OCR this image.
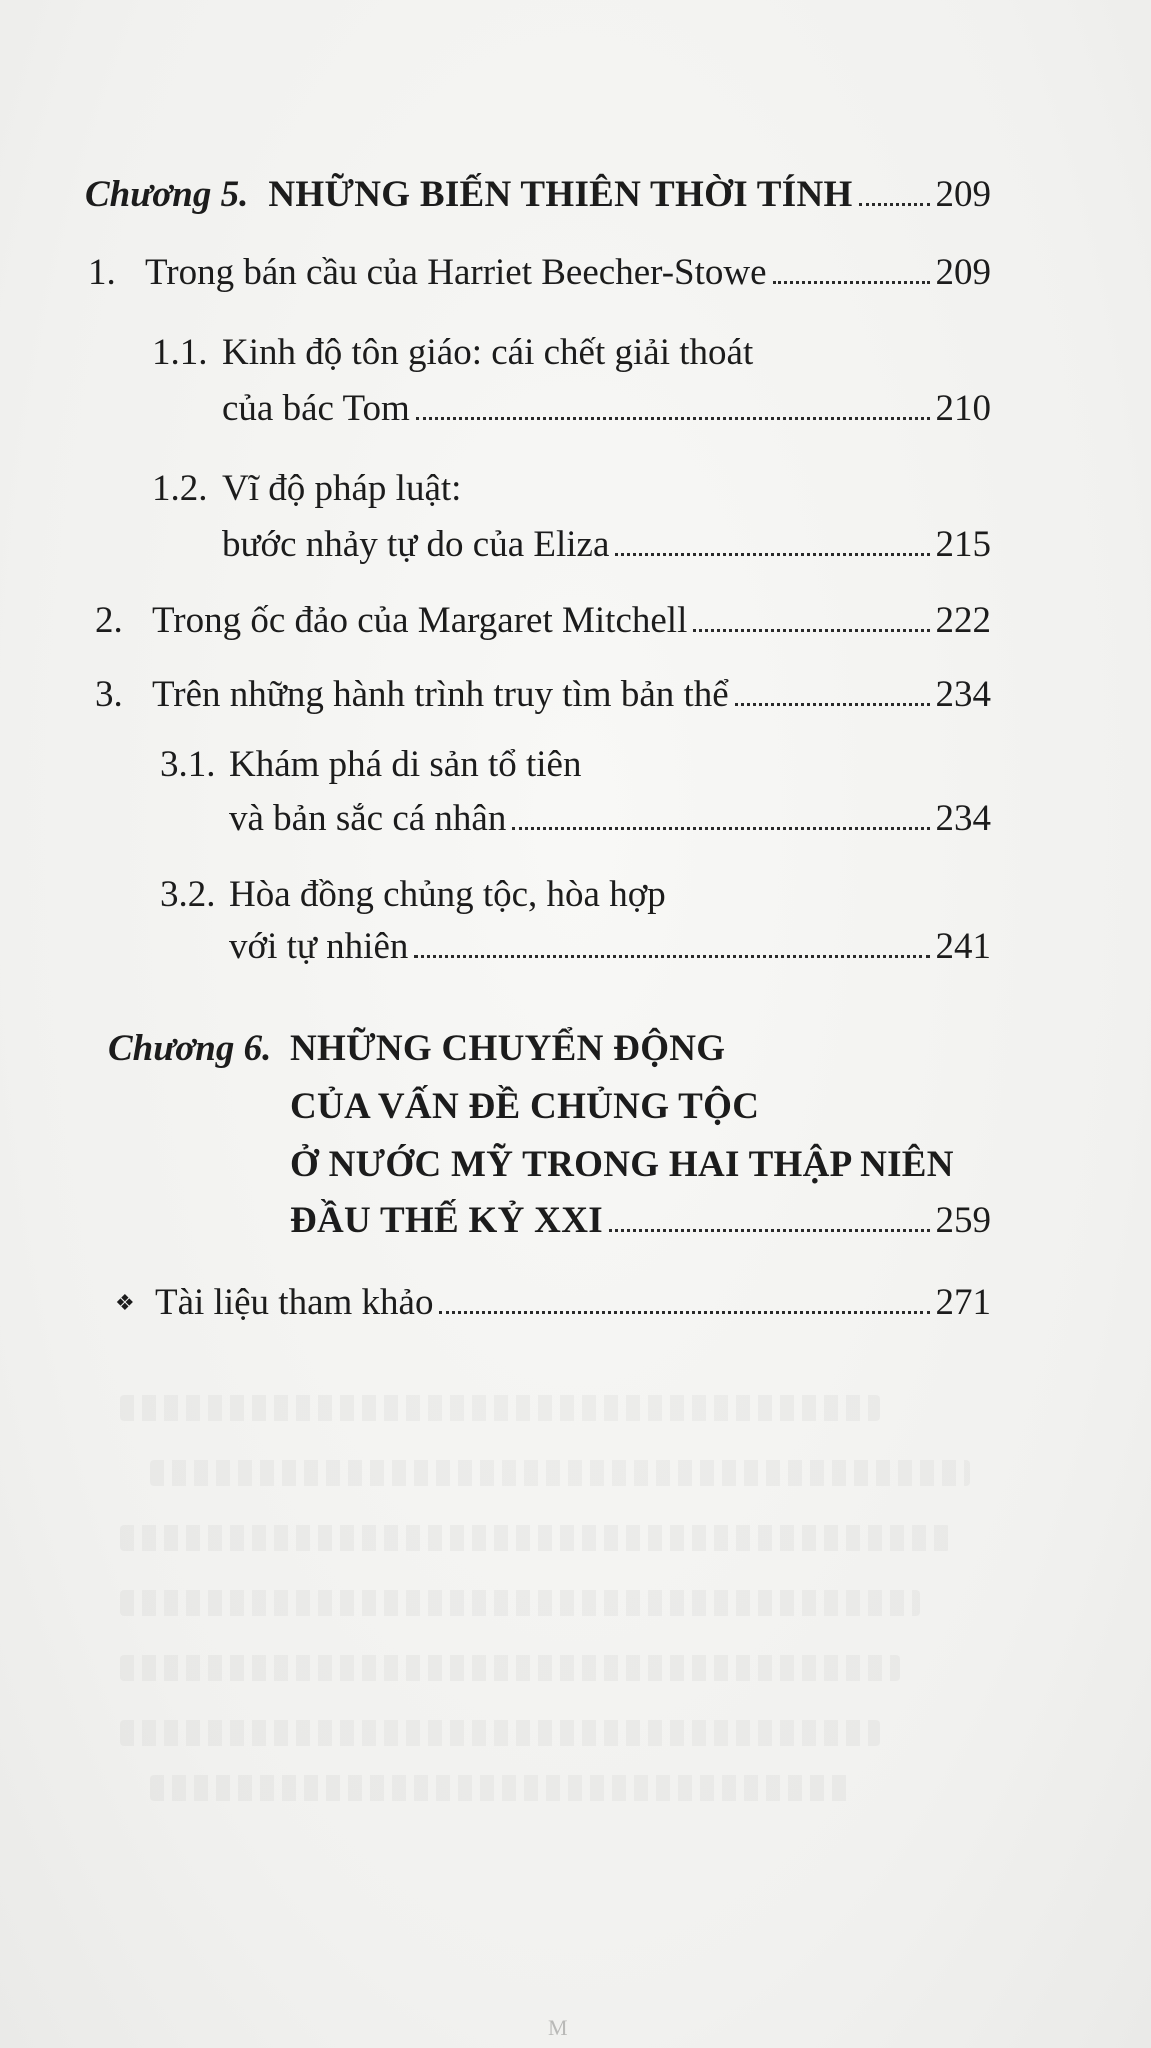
Chương 5. NHỮNG BIẾN THIÊN THỜI TÍNH 209
1. Trong bán cầu của Harriet Beecher-Stowe	209
1.1. Kinh độ tôn giáo: cái chết giải thoát
của bác Tom	210
1.2. Vĩ độ pháp luật:
bước nhảy tự do của Eliza	215
2. Trong ốc đảo của Margaret Mitchell	222
3. Trên những hành trình truy tìm bản thể	234
3.1. Khám phá di sản tổ tiên
và bản sắc cá nhân	234
3.2. Hòa đồng chủng tộc, hòa hợp
với tự nhiên	241
Chương 6. NHỮNG CHUYỂN ĐỘNG
CỦA VẤN ĐỀ CHỦNG TỘC
Ở NƯỚC MỸ TRONG HAI THẬP NIÊN
ĐẦU THẾ KỶ XXI	259
❖ Tài liệu tham khảo	271
M
